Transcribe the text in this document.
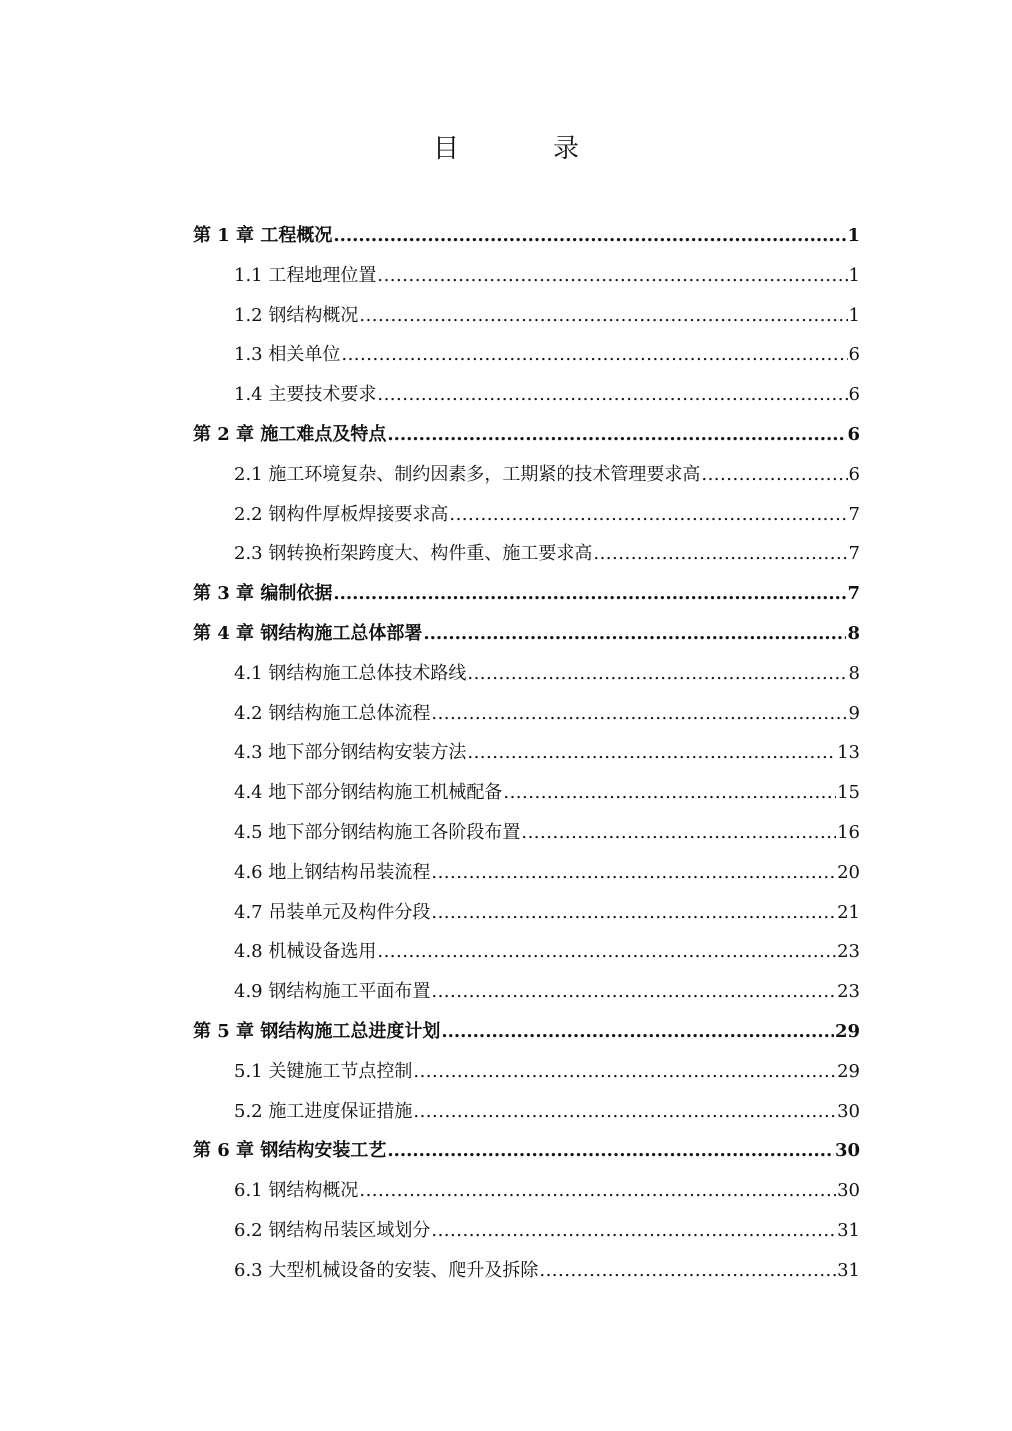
目　录
第 1 章 工程概况 .....	1
1.1 工程地理位置 .....	1
1.2 钢结构概况 .....	1
1.3 相关单位 .....	6
1.4 主要技术要求 .....	6
第 2 章 施工难点及特点 .....	6
2.1 施工环境复杂、制约因素多，工期紧的技术管理要求高 .....	6
2.2 钢构件厚板焊接要求高 .....	7
2.3 钢转换桁架跨度大、构件重、施工要求高 .....	7
第 3 章 编制依据 .....	7
第 4 章 钢结构施工总体部署 .....	8
4.1 钢结构施工总体技术路线 .....	8
4.2 钢结构施工总体流程 .....	9
4.3 地下部分钢结构安装方法 .....	13
4.4 地下部分钢结构施工机械配备 .....	15
4.5 地下部分钢结构施工各阶段布置 .....	16
4.6 地上钢结构吊装流程 .....	20
4.7 吊装单元及构件分段 .....	21
4.8 机械设备选用 .....	23
4.9 钢结构施工平面布置 .....	23
第 5 章 钢结构施工总进度计划 .....	29
5.1 关键施工节点控制 .....	29
5.2 施工进度保证措施 .....	30
第 6 章 钢结构安装工艺 .....	30
6.1 钢结构概况 .....	30
6.2 钢结构吊装区域划分 .....	31
6.3 大型机械设备的安装、爬升及拆除 .....	31
